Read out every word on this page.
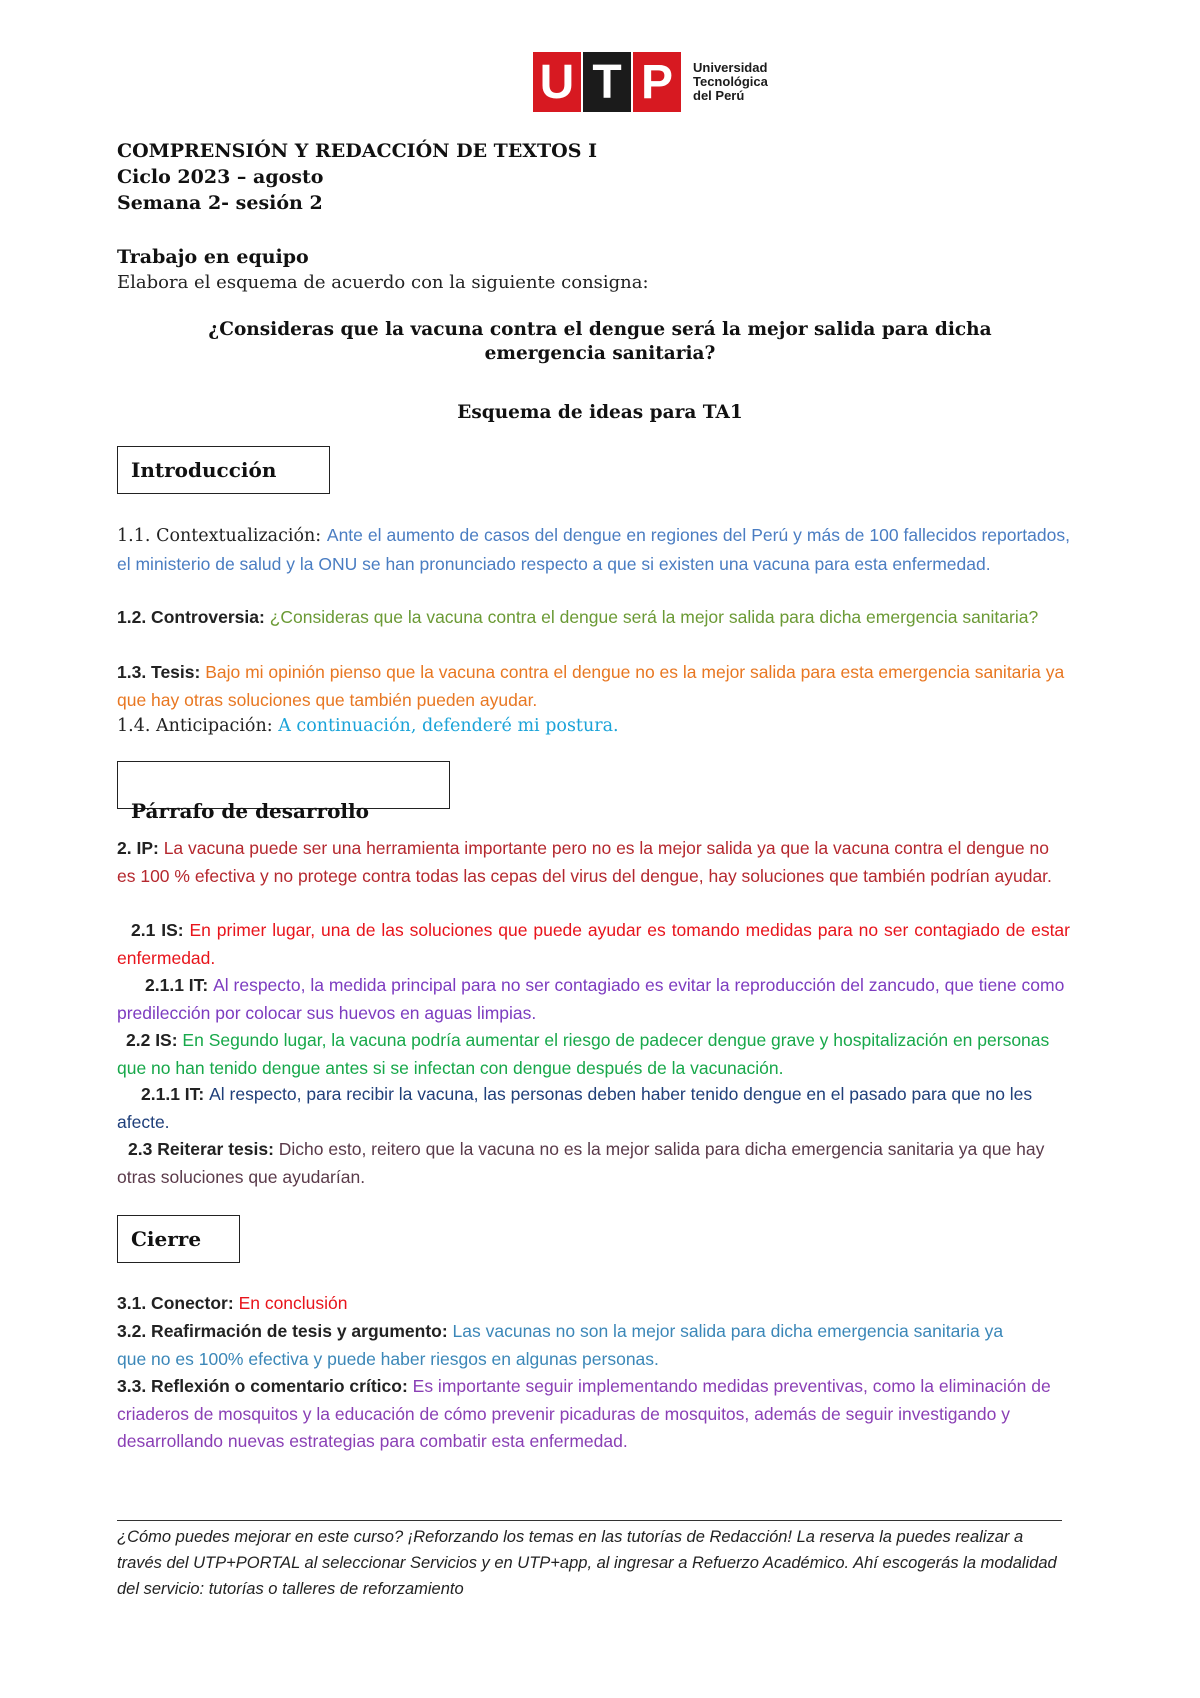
U T P	Universidad
Tecnológica
del Perú
COMPRENSIÓN Y REDACCIÓN DE TEXTOS I
Ciclo 2023 – agosto
Semana 2- sesión 2
Trabajo en equipo
Elabora el esquema de acuerdo con la siguiente consigna:
¿Consideras que la vacuna contra el dengue será la mejor salida para dicha emergencia sanitaria?
Esquema de ideas para TA1
Introducción
1.1. Contextualización: Ante el aumento de casos del dengue en regiones del Perú y más de 100 fallecidos reportados, el ministerio de salud y la ONU se han pronunciado respecto a que si existen una vacuna para esta enfermedad.
1.2. Controversia: ¿Consideras que la vacuna contra el dengue será la mejor salida para dicha emergencia sanitaria?
1.3. Tesis: Bajo mi opinión pienso que la vacuna contra el dengue no es la mejor salida para esta emergencia sanitaria ya que hay otras soluciones que también pueden ayudar.
1.4. Anticipación: A continuación, defenderé mi postura.
Párrafo de desarrollo
2. IP: La vacuna puede ser una herramienta importante pero no es la mejor salida ya que la vacuna contra el dengue no es 100 % efectiva y no protege contra todas las cepas del virus del dengue, hay soluciones que también podrían ayudar.
2.1 IS: En primer lugar, una de las soluciones que puede ayudar es tomando medidas para no ser contagiado de estar enfermedad.
2.1.1 IT: Al respecto, la medida principal para no ser contagiado es evitar la reproducción del zancudo, que tiene como predilección por colocar sus huevos en aguas limpias.
2.2 IS: En Segundo lugar, la vacuna podría aumentar el riesgo de padecer dengue grave y hospitalización en personas que no han tenido dengue antes si se infectan con dengue después de la vacunación.
2.1.1 IT: Al respecto, para recibir la vacuna, las personas deben haber tenido dengue en el pasado para que no les afecte.
2.3 Reiterar tesis: Dicho esto, reitero que la vacuna no es la mejor salida para dicha emergencia sanitaria ya que hay otras soluciones que ayudarían.
Cierre
3.1. Conector: En conclusión
3.2. Reafirmación de tesis y argumento: Las vacunas no son la mejor salida para dicha emergencia sanitaria ya que no es 100% efectiva y puede haber riesgos en algunas personas.
3.3. Reflexión o comentario crítico: Es importante seguir implementando medidas preventivas, como la eliminación de criaderos de mosquitos y la educación de cómo prevenir picaduras de mosquitos, además de seguir investigando y desarrollando nuevas estrategias para combatir esta enfermedad.
¿Cómo puedes mejorar en este curso? ¡Reforzando los temas en las tutorías de Redacción! La reserva la puedes realizar a través del UTP+PORTAL al seleccionar Servicios y en UTP+app, al ingresar a Refuerzo Académico. Ahí escogerás la modalidad del servicio: tutorías o talleres de reforzamiento
